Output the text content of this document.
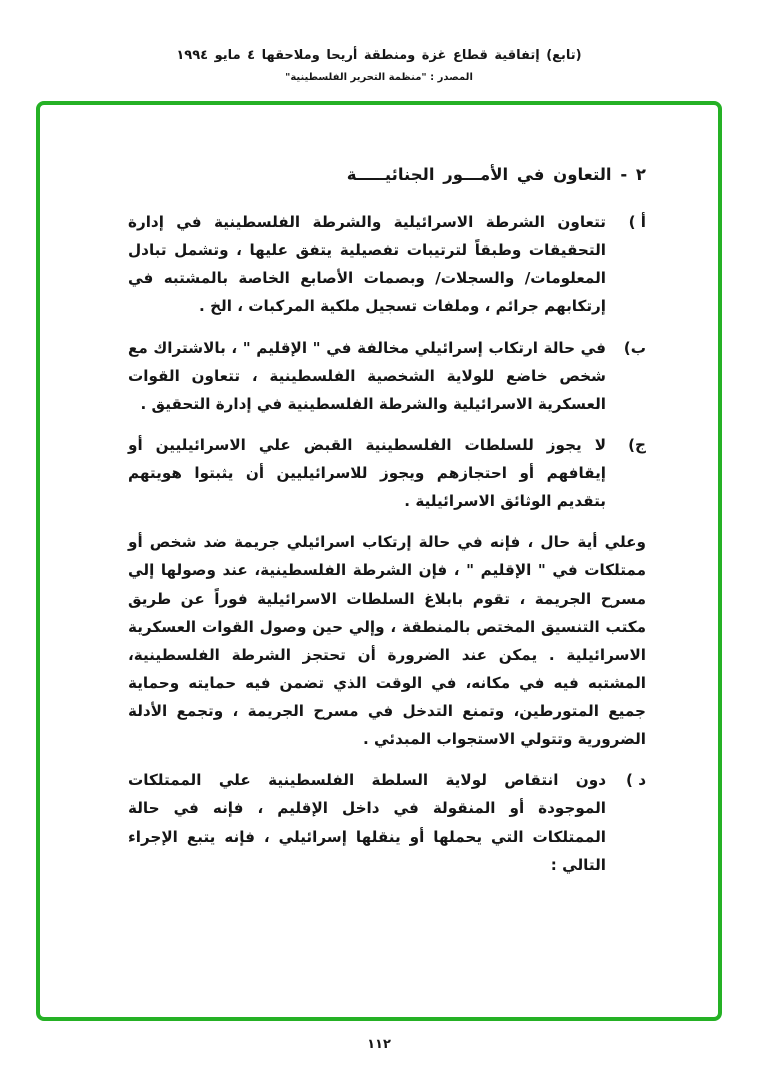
(تابع) إتفاقية قطاع غزة ومنطقة أريحا وملاحقها ٤ مايو ١٩٩٤
المصدر : "منظمة التحرير الفلسطينية"
٢ - التعاون في الأمـــور الجنائيـــــة
أ )
تتعاون الشرطة الاسرائيلية والشرطة الفلسطينية في إدارة التحقيقات وطبقاً لترتيبات تفصيلية يتفق عليها ، وتشمل تبادل المعلومات/ والسجلات/ وبصمات الأصابع الخاصة بالمشتبه في إرتكابهم جرائم ، وملفات تسجيل ملكية المركبات ، الخ .
ب)
في حالة ارتكاب إسرائيلي مخالفة في " الإقليم " ، بالاشتراك مع شخص خاضع للولاية الشخصية الفلسطينية ، تتعاون القوات العسكرية الاسرائيلية والشرطة الفلسطينية في إدارة التحقيق .
ج)
لا يجوز للسلطات الفلسطينية القبض علي الاسرائيليين أو إيقافهم أو احتجازهم ويجوز للاسرائيليين أن يثبتوا هويتهم بتقديم الوثائق الاسرائيلية .
وعلي أية حال ، فإنه في حالة إرتكاب اسرائيلي جريمة ضد شخص أو ممتلكات في " الإقليم " ، فإن الشرطة الفلسطينية، عند وصولها إلي مسرح الجريمة ، تقوم بابلاغ السلطات الاسرائيلية فوراً عن طريق مكتب التنسيق المختص بالمنطقة ، وإلي حين وصول القوات العسكرية الاسرائيلية . يمكن عند الضرورة أن تحتجز الشرطة الفلسطينية، المشتبه فيه في مكانه، في الوقت الذي تضمن فيه حمايته وحماية جميع المتورطين، وتمنع التدخل في مسرح الجريمة ، وتجمع الأدلة الضرورية وتتولي الاستجواب المبدئي .
د )
دون انتقاص لولاية السلطة الفلسطينية علي الممتلكات الموجودة أو المنقولة في داخل الإقليم ، فإنه في حالة الممتلكات التي يحملها أو ينقلها إسرائيلي ، فإنه يتبع الإجراء التالي :
١١٢
